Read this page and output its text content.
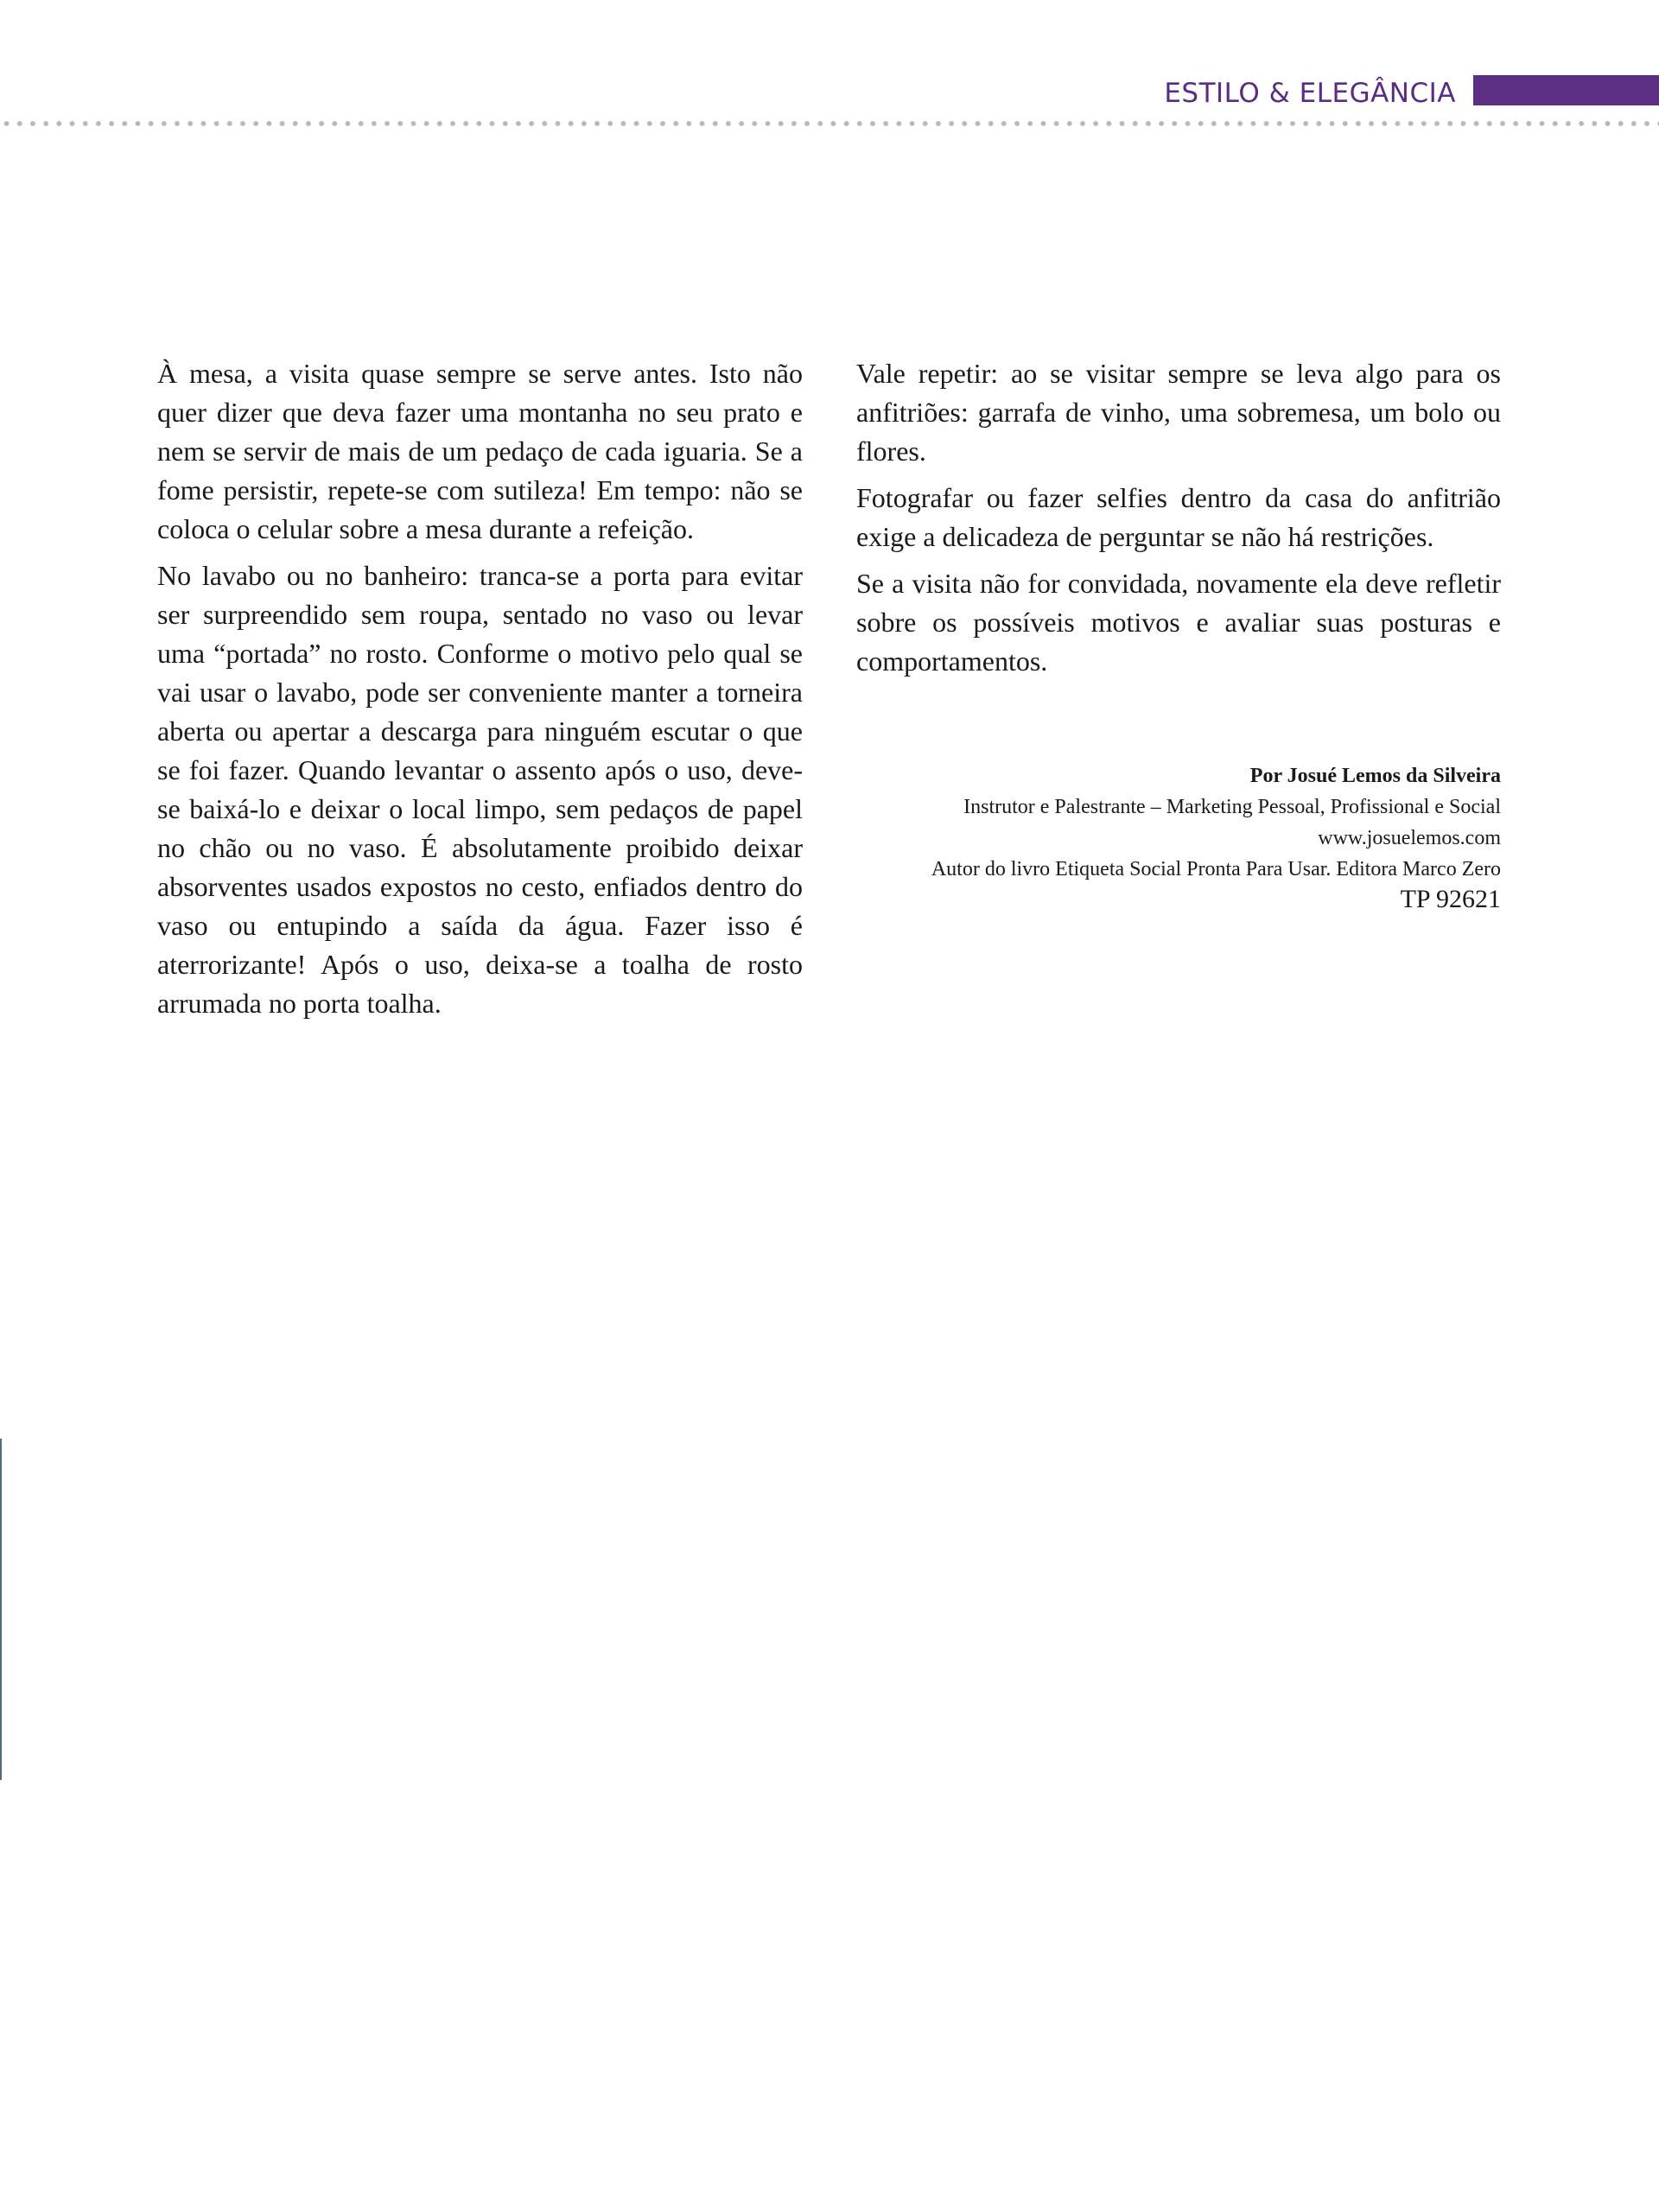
ESTILO & ELEGÂNCIA

À mesa, a visita quase sempre se serve antes. Isto não quer dizer que deva fazer uma montanha no seu prato e nem se servir de mais de um pedaço de cada iguaria. Se a fome persistir, repete-se com sutileza! Em tempo: não se coloca o celular sobre a mesa durante a refeição.

No lavabo ou no banheiro: tranca-se a porta para evitar ser surpreendido sem roupa, sentado no vaso ou levar uma “portada” no rosto. Conforme o motivo pelo qual se vai usar o lavabo, pode ser conveniente manter a torneira aberta ou apertar a descarga para ninguém escutar o que se foi fazer. Quando levantar o assento após o uso, deve-se baixá-lo e deixar o local limpo, sem pedaços de papel no chão ou no vaso. É absolutamente proibido deixar absorventes usados expostos no cesto, enfiados dentro do vaso ou entupindo a saída da água. Fazer isso é aterrorizante! Após o uso, deixa-se a toalha de rosto arrumada no porta toalha.

Vale repetir: ao se visitar sempre se leva algo para os anfitriões: garrafa de vinho, uma sobremesa, um bolo ou flores.

Fotografar ou fazer selfies dentro da casa do anfitrião exige a delicadeza de perguntar se não há restrições.

Se a visita não for convidada, novamente ela deve refletir sobre os possíveis motivos e avaliar suas posturas e comportamentos.

Por Josué Lemos da Silveira
Instrutor e Palestrante – Marketing Pessoal, Profissional e Social
www.josuelemos.com
Autor do livro Etiqueta Social Pronta Para Usar. Editora Marco Zero
TP 92621
